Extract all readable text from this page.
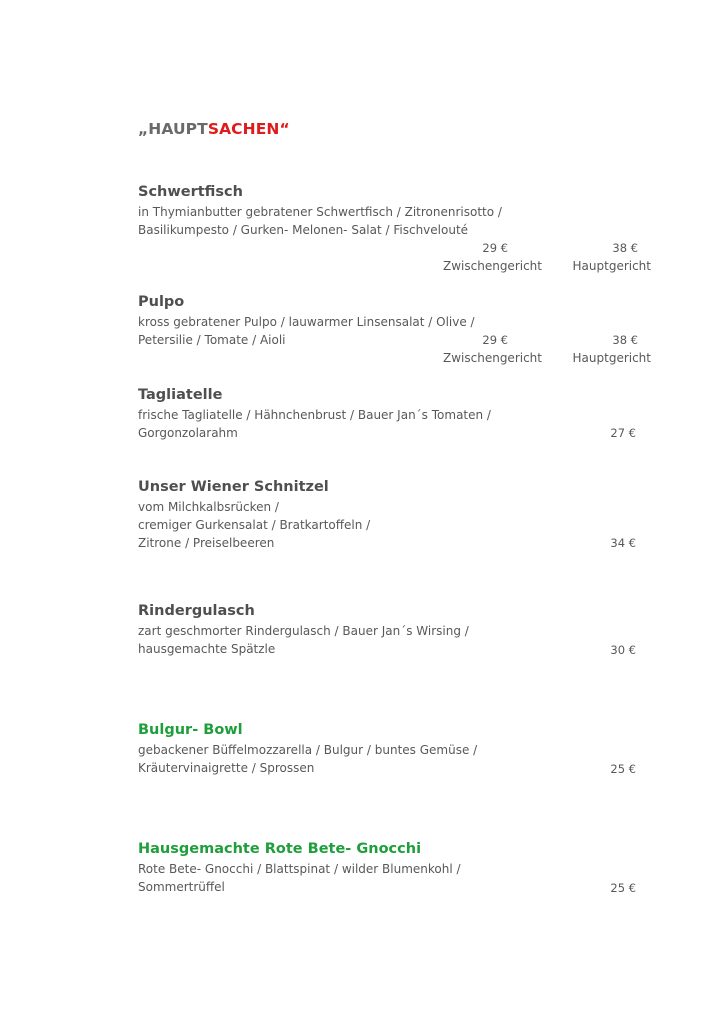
„HAUPTSACHEN“
Schwertfisch
in Thymianbutter gebratener Schwertfisch / Zitronenrisotto /
Basilikumpesto / Gurken- Melonen- Salat / Fischvelouté
29 €	38 €
Zwischengericht	Hauptgericht
Pulpo
kross gebratener Pulpo / lauwarmer Linsensalat / Olive /
Petersilie / Tomate / Aioli	29 €	38 €
Zwischengericht	Hauptgericht
Tagliatelle
frische Tagliatelle / Hähnchenbrust / Bauer Jan´s Tomaten /
Gorgonzolarahm	27 €
Unser Wiener Schnitzel
vom Milchkalbsrücken /
cremiger Gurkensalat / Bratkartoffeln /
Zitrone / Preiselbeeren	34 €
Rindergulasch
zart geschmorter Rindergulasch / Bauer Jan´s Wirsing /
hausgemachte Spätzle	30 €
Bulgur- Bowl
gebackener Büffelmozzarella / Bulgur / buntes Gemüse /
Kräutervinaigrette / Sprossen	25 €
Hausgemachte Rote Bete- Gnocchi
Rote Bete- Gnocchi / Blattspinat / wilder Blumenkohl /
Sommertrüffel	25 €
